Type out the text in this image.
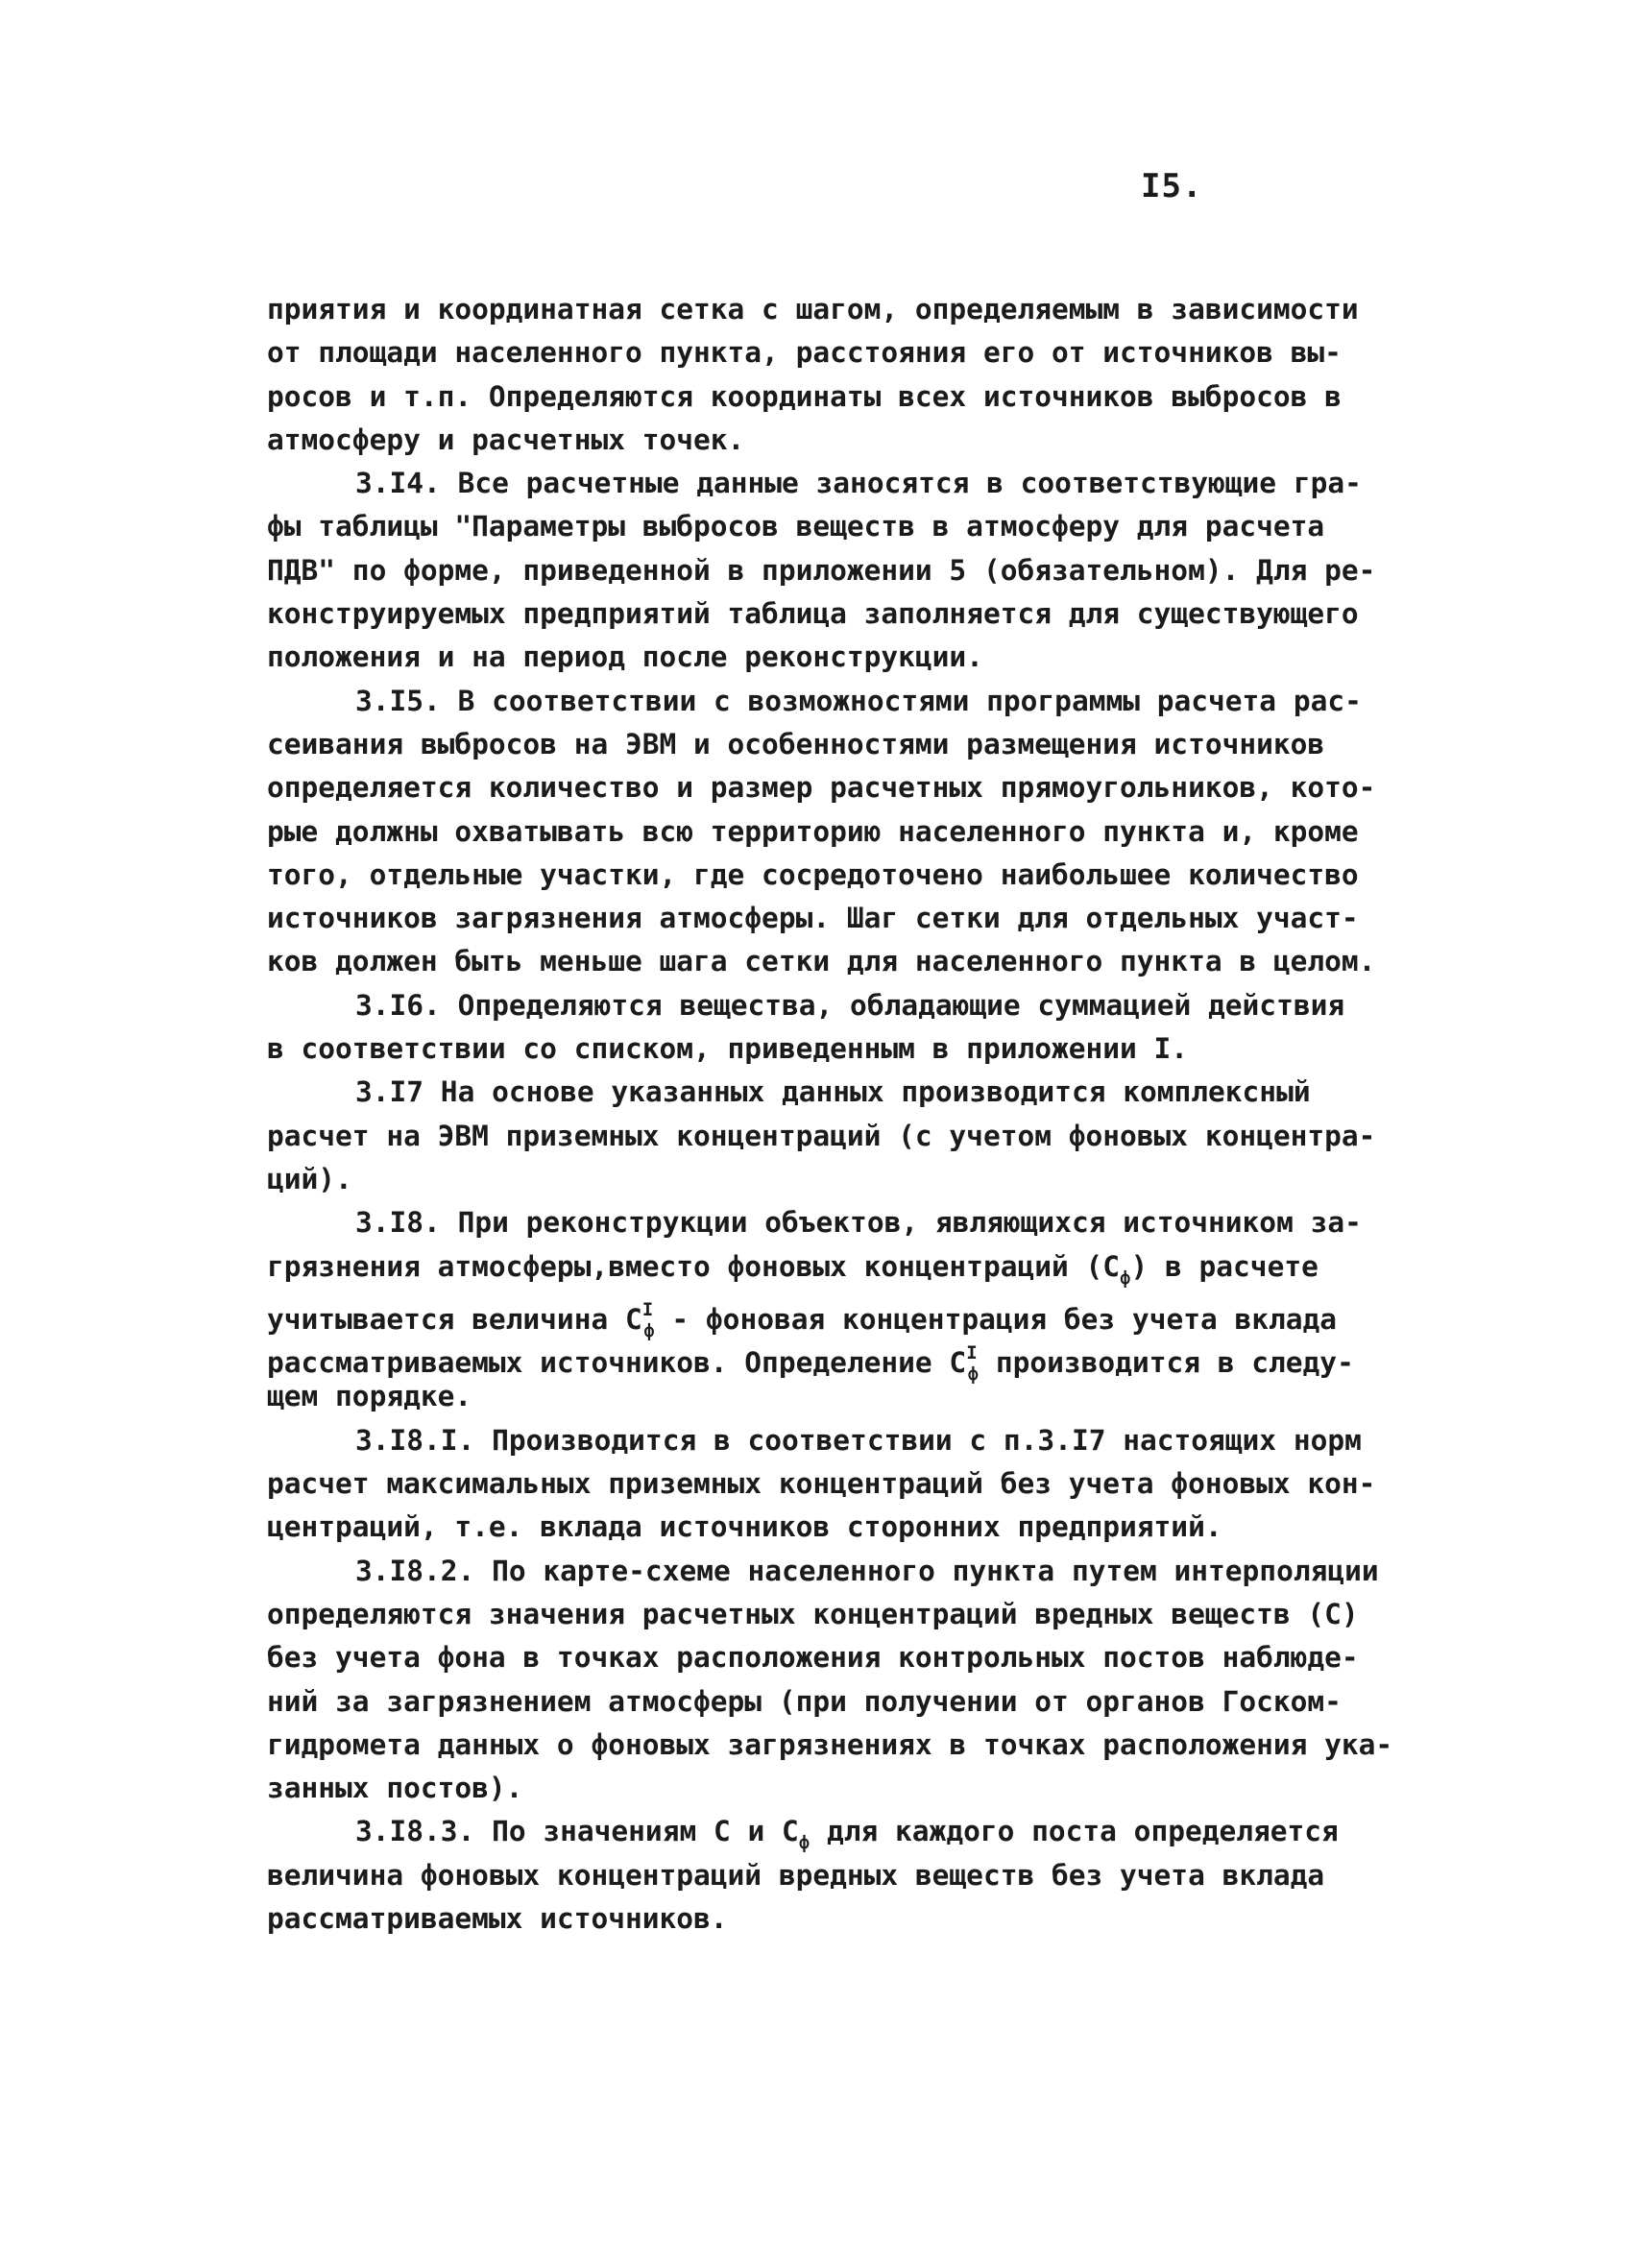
I5.
приятия и координатная сетка с шагом, определяемым в зависимости
от площади населенного пункта, расстояния его от источников вы-
росов и т.п. Определяются координаты всех источников выбросов в
атмосферу и расчетных точек.
3.I4. Все расчетные данные заносятся в соответствующие гра-
фы таблицы "Параметры выбросов веществ в атмосферу для расчета
ПДВ" по форме, приведенной в приложении 5 (обязательном). Для ре-
конструируемых предприятий таблица заполняется для существующего
положения и на период после реконструкции.
3.I5. В соответствии с возможностями программы расчета рас-
сеивания выбросов на ЭВМ и особенностями размещения источников
определяется количество и размер расчетных прямоугольников, кото-
рые должны охватывать всю территорию населенного пункта и, кроме
того, отдельные участки, где сосредоточено наибольшее количество
источников загрязнения атмосферы. Шаг сетки для отдельных участ-
ков должен быть меньше шага сетки для населенного пункта в целом.
3.I6. Определяются вещества, обладающие суммацией действия
в соответствии со списком, приведенным в приложении I.
3.I7 На основе указанных данных производится комплексный
расчет на ЭВМ приземных концентраций (с учетом фоновых концентра-
ций).
3.I8. При реконструкции объектов, являющихся источником за-
грязнения атмосферы,вместо фоновых концентраций $(С_ф)$ в расчете
учитывается величина $С^I_ф$ - фоновая концентрация без учета вклада
рассматриваемых источников. Определение $С^I_ф$ производится в следу-
щем порядке.
3.I8.I. Производится в соответствии с п.3.I7 настоящих норм
расчет максимальных приземных концентраций без учета фоновых кон-
центраций, т.е. вклада источников сторонних предприятий.
3.I8.2. По карте-схеме населенного пункта путем интерполяции
определяются значения расчетных концентраций вредных веществ (С)
без учета фона в точках расположения контрольных постов наблюде-
ний за загрязнением атмосферы (при получении от органов Госком-
гидромета данных о фоновых загрязнениях в точках расположения ука-
занных постов).
3.I8.3. По значениям С и $С_ф$ для каждого поста определяется
величина фоновых концентраций вредных веществ без учета вклада
рассматриваемых источников.
